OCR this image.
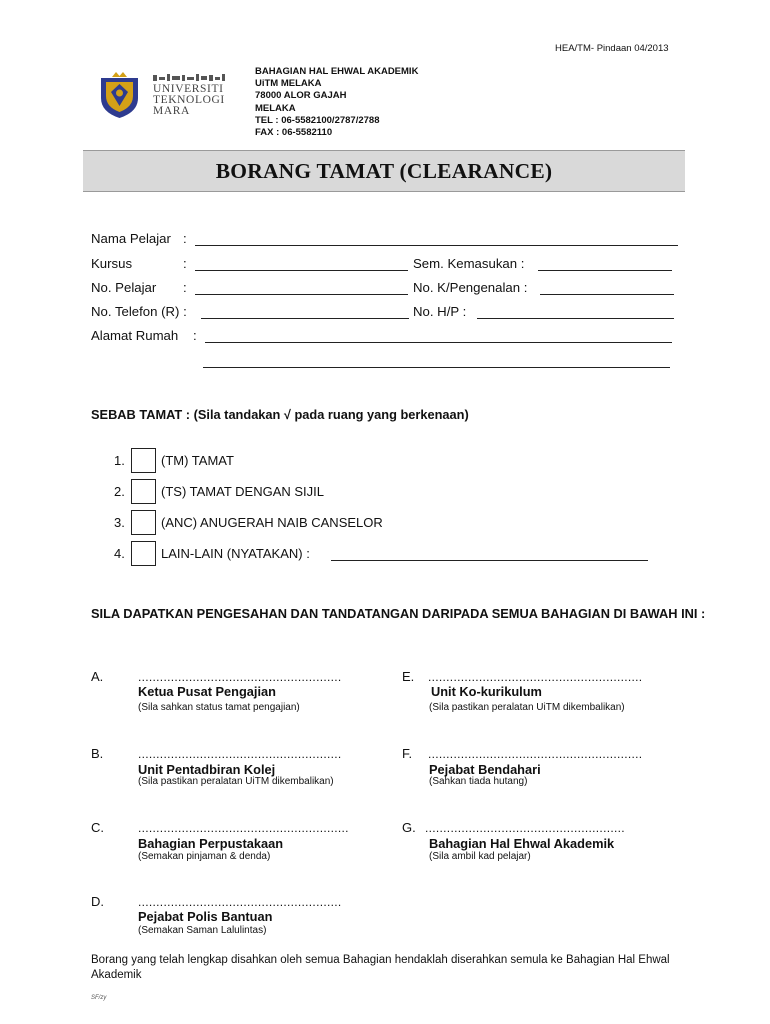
HEA/TM- Pindaan 04/2013
UNIVERSITI
TEKNOLOGI
MARA
BAHAGIAN HAL EHWAL AKADEMIK
UiTM MELAKA
78000 ALOR GAJAH
MELAKA
TEL : 06-5582100/2787/2788
FAX : 06-5582110
BORANG TAMAT (CLEARANCE)
Nama Pelajar :
Kursus	:	Sem. Kemasukan :
No. Pelajar :	No. K/Pengenalan :
No. Telefon (R) :	No. H/P :
Alamat Rumah :
SEBAB TAMAT : (Sila tandakan √ pada ruang yang berkenaan)
1.	(TM) TAMAT
2.	(TS) TAMAT DENGAN SIJIL
3.	(ANC) ANUGERAH NAIB CANSELOR
4.	LAIN-LAIN (NYATAKAN) :
SILA DAPATKAN PENGESAHAN DAN TANDATANGAN DARIPADA SEMUA BAHAGIAN DI BAWAH INI :
A.	........................................................
Ketua Pusat Pengajian
(Sila sahkan status tamat pengajian)
B.	........................................................
Unit Pentadbiran Kolej
(Sila pastikan peralatan UiTM dikembalikan)
C.	..........................................................
Bahagian Perpustakaan
(Semakan pinjaman & denda)
D.	........................................................
Pejabat Polis Bantuan
(Semakan Saman Lalulintas)
E. ...........................................................
Unit Ko-kurikulum
(Sila pastikan peralatan UiTM dikembalikan)
F. ...........................................................
Pejabat Bendahari
(Sahkan tiada hutang)
G. .......................................................
Bahagian Hal Ehwal Akademik
(Sila ambil kad pelajar)
Borang yang telah lengkap disahkan oleh semua Bahagian hendaklah diserahkan semula ke Bahagian Hal Ehwal Akademik
SF/zy
